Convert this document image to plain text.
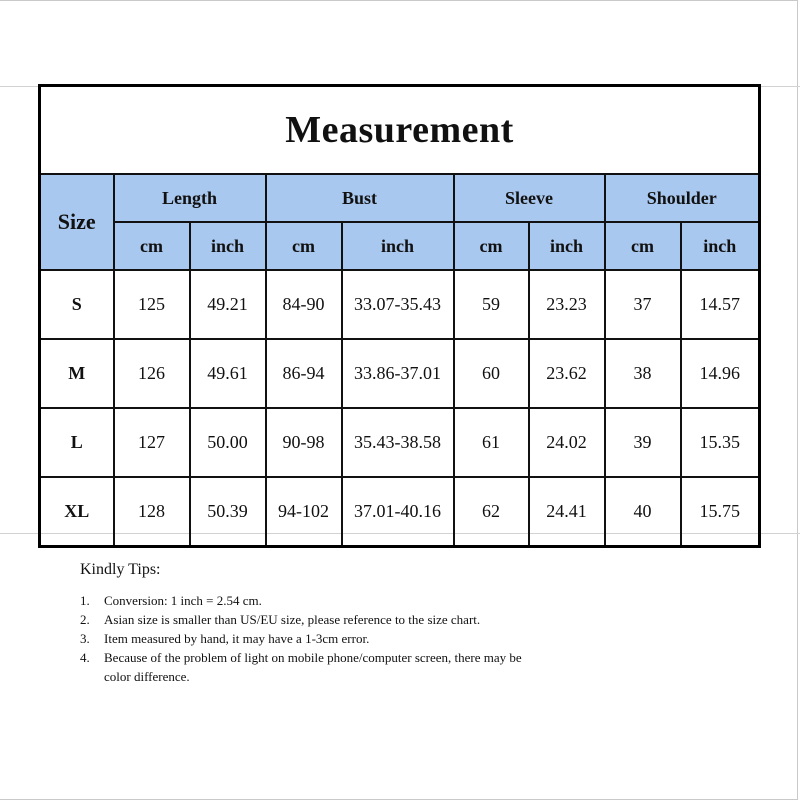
Measurement								
Size	Length		Bust		Sleeve		Shoulder	
	cm	inch	cm	inch	cm	inch	cm	inch
S	125	49.21	84-90	33.07-35.43	59	23.23	37	14.57
M	126	49.61	86-94	33.86-37.01	60	23.62	38	14.96
L	127	50.00	90-98	35.43-38.58	61	24.02	39	15.35
XL	128	50.39	94-102	37.01-40.16	62	24.41	40	15.75
Kindly Tips:
1.	Conversion: 1 inch = 2.54 cm.
2.	Asian size is smaller than US/EU size, please reference to the size chart.
3.	Item measured by hand, it may have a 1-3cm error.
4.	Because of the problem of light on mobile phone/computer screen, there may be
color difference.
